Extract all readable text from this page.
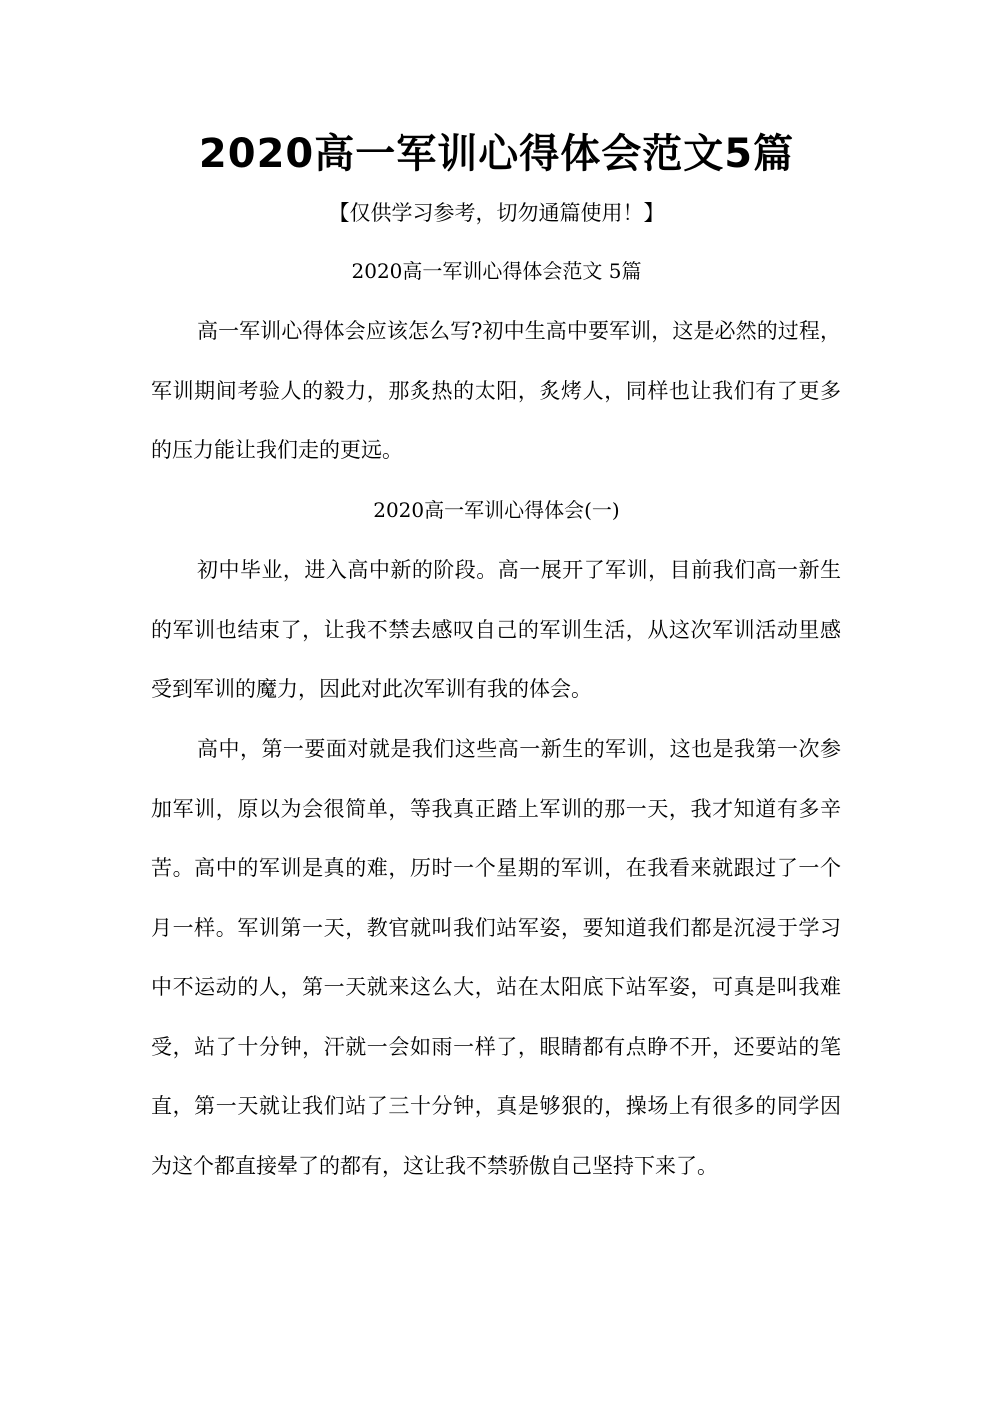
2020高一军训心得体会范文5篇

【仅供学习参考，切勿通篇使用！】

2020高一军训心得体会范文 5篇

高一军训心得体会应该怎么写?初中生高中要军训，这是必然的过程，军训期间考验人的毅力，那炙热的太阳，炙烤人，同样也让我们有了更多的压力能让我们走的更远。

2020高一军训心得体会(一)

初中毕业，进入高中新的阶段。高一展开了军训，目前我们高一新生的军训也结束了，让我不禁去感叹自己的军训生活，从这次军训活动里感受到军训的魔力，因此对此次军训有我的体会。

高中，第一要面对就是我们这些高一新生的军训，这也是我第一次参加军训，原以为会很简单，等我真正踏上军训的那一天，我才知道有多辛苦。高中的军训是真的难，历时一个星期的军训，在我看来就跟过了一个月一样。军训第一天，教官就叫我们站军姿，要知道我们都是沉浸于学习中不运动的人，第一天就来这么大，站在太阳底下站军姿，可真是叫我难受，站了十分钟，汗就一会如雨一样了，眼睛都有点睁不开，还要站的笔直，第一天就让我们站了三十分钟，真是够狠的，操场上有很多的同学因为这个都直接晕了的都有，这让我不禁骄傲自己坚持下来了。
